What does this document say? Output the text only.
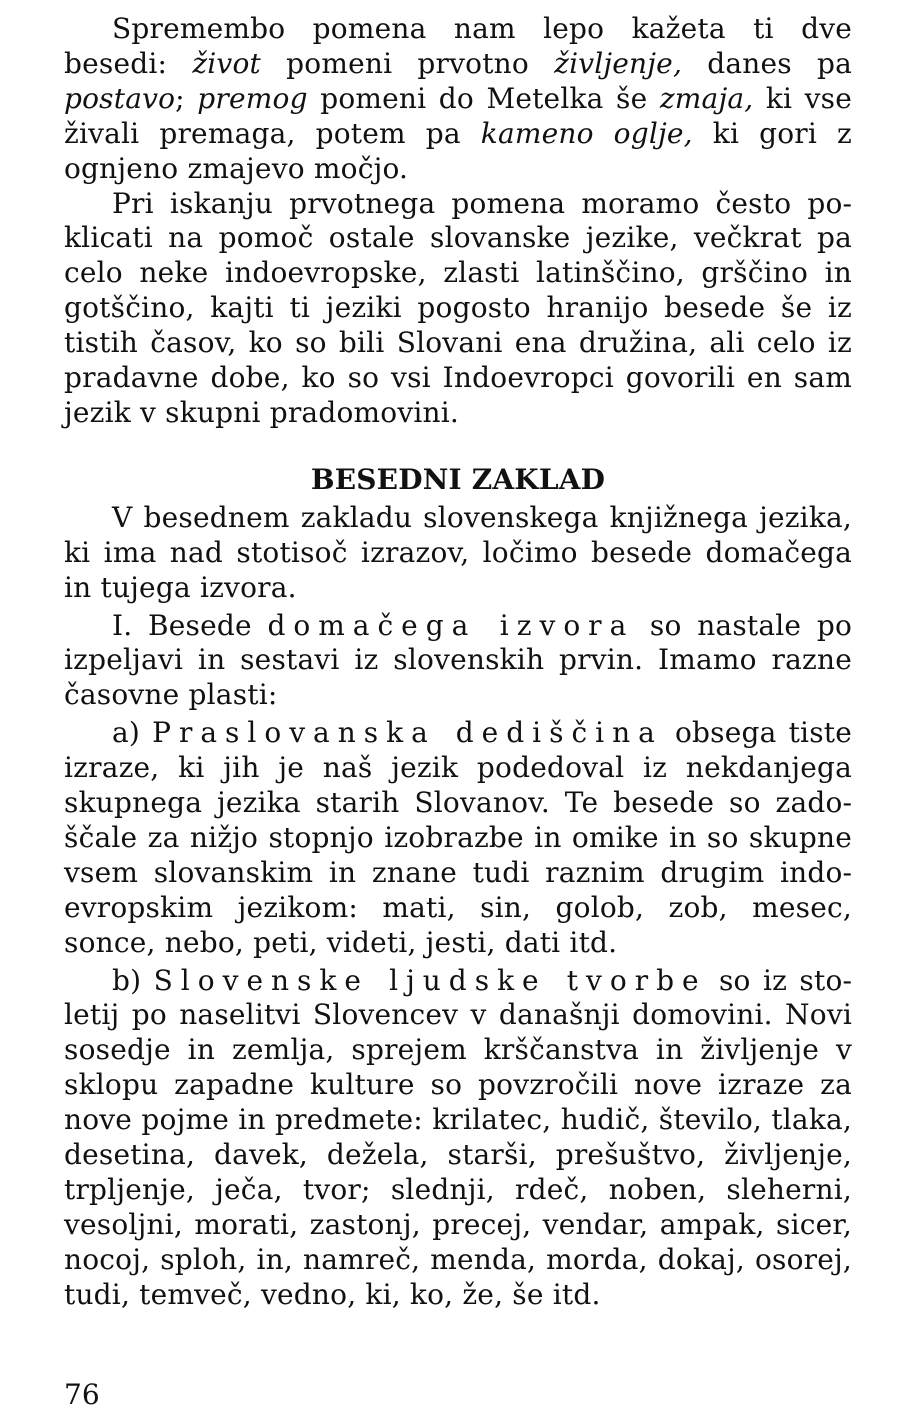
Spremembo pomena nam lepo kažeta ti dve besedi: život pomeni prvotno življenje, danes pa postavo; premog pomeni do Metelka še zmaja, ki vse živali premaga, potem pa kameno oglje, ki gori z ognjeno zmajevo močjo.

Pri iskanju prvotnega pomena moramo često poklicati na pomoč ostale slovanske jezike, večkrat pa celo neke indoevropske, zlasti latinščino, grščino in gotščino, kajti ti jeziki pogosto hranijo besede še iz tistih časov, ko so bili Slovani ena družina, ali celo iz pradavne dobe, ko so vsi Indoevropci govorili en sam jezik v skupni pradomovini.

BESEDNI ZAKLAD

V besednem zakladu slovenskega knjižnega jezika, ki ima nad stotisoč izrazov, ločimo besede domačega in tujega izvora.

I. Besede domačega izvora so nastale po izpeljavi in sestavi iz slovenskih prvin. Imamo razne časovne plasti:

a) Praslovanska dediščina obsega tiste izraze, ki jih je naš jezik podedoval iz nekdanjega skupnega jezika starih Slovanov. Te besede so zadoščale za nižjo stopnjo izobrazbe in omike in so skupne vsem slovanskim in znane tudi raznim drugim indoevropskim jezikom: mati, sin, golob, zob, mesec, sonce, nebo, peti, videti, jesti, dati itd.

b) Slovenske ljudske tvorbe so iz stoletij po naselitvi Slovencev v današnji domovini. Novi sosedje in zemlja, sprejem krščanstva in življenje v sklopu zapadne kulture so povzročili nove izraze za nove pojme in predmete: krilatec, hudič, število, tlaka, desetina, davek, dežela, starši, prešuštvo, življenje, trpljenje, ječa, tvor; slednji, rdeč, noben, sleherni, vesoljni, morati, zastonj, precej, vendar, ampak, sicer, nocoj, sploh, in, namreč, menda, morda, dokaj, osorej, tudi, temveč, vedno, ki, ko, že, še itd.

76
